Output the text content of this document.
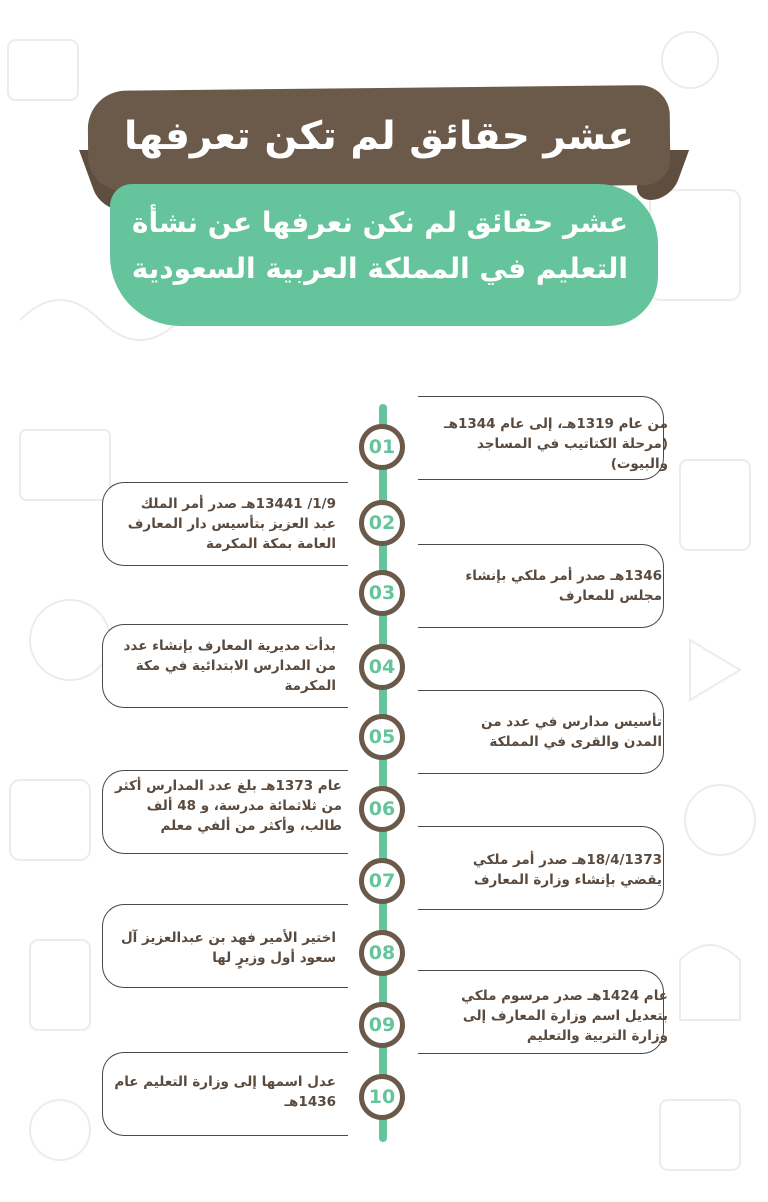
عشر حقائق لم تكن تعرفها
عشر حقائق لم نكن نعرفها عن نشأة التعليم في المملكة العربية السعودية
من عام 1319هـ، إلى عام 1344هـ (مرحلة الكتاتيب في المساجد والبيوت)
01
1/9/ 13441هـ صدر أمر الملك عبد العزيز بتأسيس دار المعارف العامة بمكة المكرمة
02
1346هـ صدر أمر ملكي بإنشاء مجلس للمعارف
03
بدأت مديرية المعارف بإنشاء عدد من المدارس الابتدائية في مكة المكرمة
04
تأسيس مدارس في عدد من المدن والقرى في المملكة
05
عام 1373هـ بلغ عدد المدارس أكثر من ثلاثمائة مدرسة، و 48 ألف طالب، وأكثر من ألفي معلم
06
18/4/1373هـ صدر أمر ملكي يقضي بإنشاء وزارة المعارف
07
اختير الأمير فهد بن عبدالعزيز آل سعود أول وزيرٍ لها	08
عام 1424هـ صدر مرسوم ملكي بتعديل اسم وزارة المعارف إلى وزارة التربية والتعليم
09
عدل اسمها إلى وزارة التعليم عام 1436هـ	10
